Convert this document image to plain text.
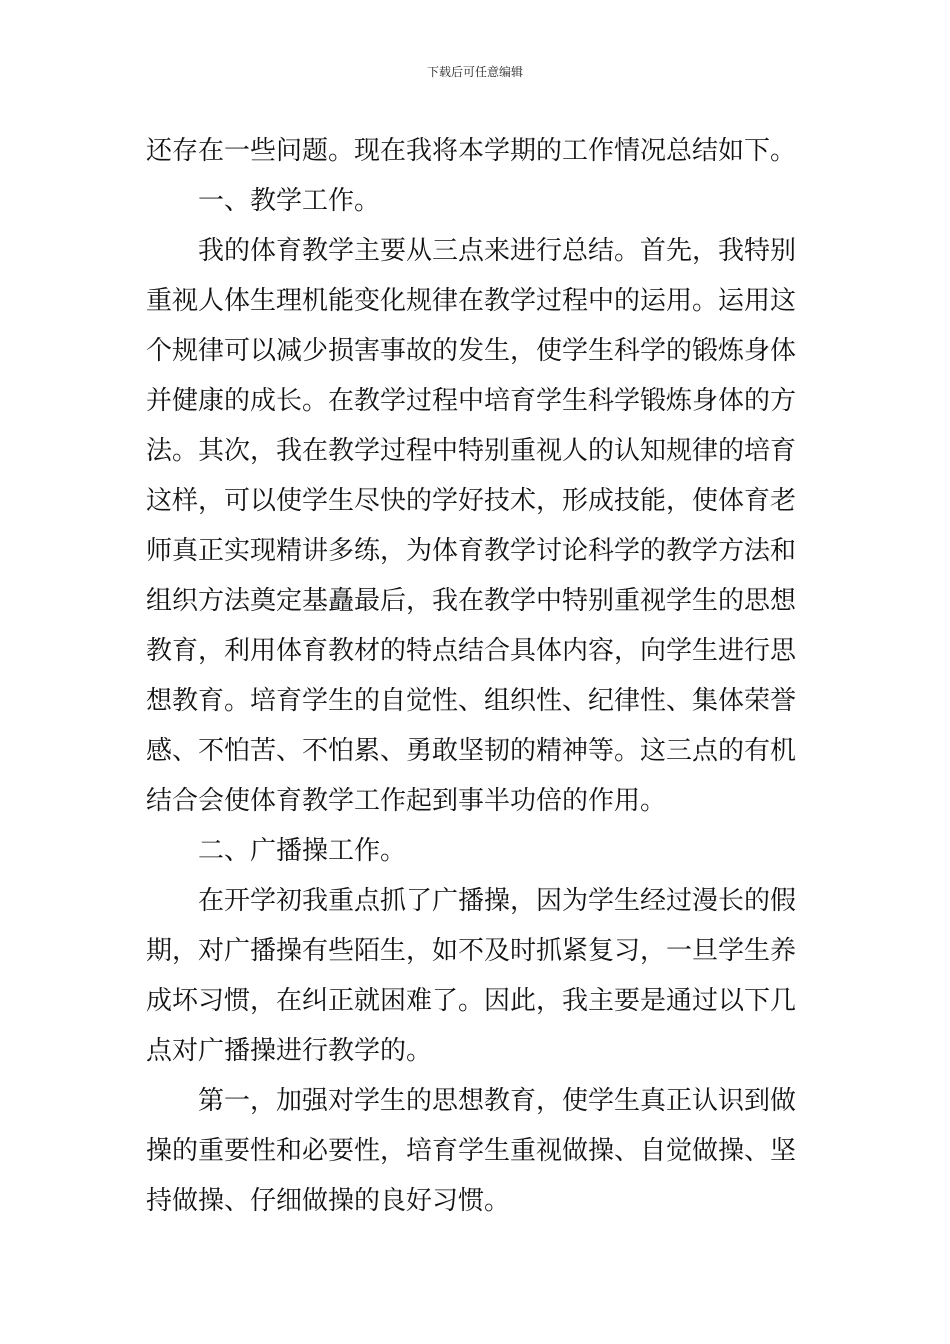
下载后可任意编辑
还存在一些问题。现在我将本学期的工作情况总结如下。
一、教学工作。
我的体育教学主要从三点来进行总结。首先，我特别
重视人体生理机能变化规律在教学过程中的运用。运用这
个规律可以减少损害事故的发生，使学生科学的锻炼身体
并健康的成长。在教学过程中培育学生科学锻炼身体的方
法。其次，我在教学过程中特别重视人的认知规律的培育
这样，可以使学生尽快的学好技术，形成技能，使体育老
师真正实现精讲多练，为体育教学讨论科学的教学方法和
组织方法奠定基矗最后，我在教学中特别重视学生的思想
教育，利用体育教材的特点结合具体内容，向学生进行思
想教育。培育学生的自觉性、组织性、纪律性、集体荣誉
感、不怕苦、不怕累、勇敢坚韧的精神等。这三点的有机
结合会使体育教学工作起到事半功倍的作用。
二、广播操工作。
在开学初我重点抓了广播操，因为学生经过漫长的假
期，对广播操有些陌生，如不及时抓紧复习，一旦学生养
成坏习惯，在纠正就困难了。因此，我主要是通过以下几
点对广播操进行教学的。
第一，加强对学生的思想教育，使学生真正认识到做
操的重要性和必要性，培育学生重视做操、自觉做操、坚
持做操、仔细做操的良好习惯。
